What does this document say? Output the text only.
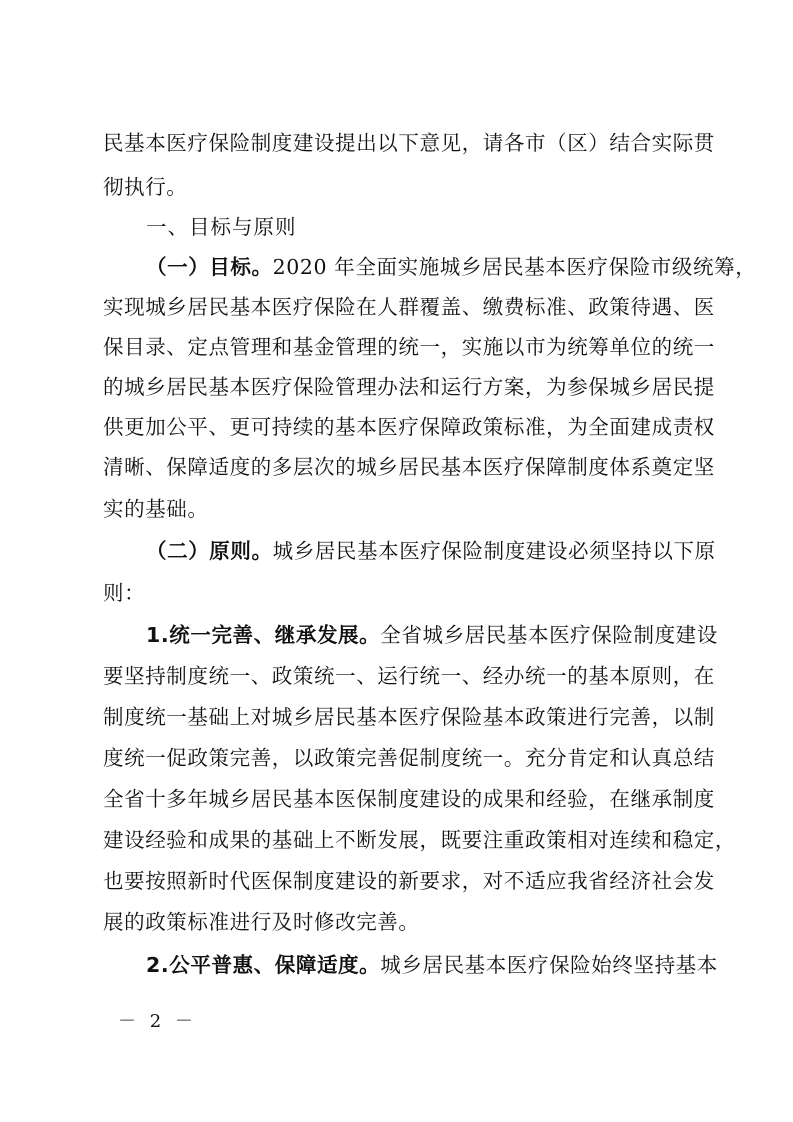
民基本医疗保险制度建设提出以下意见，请各市（区）结合实际贯
彻执行。
一、目标与原则
（一）目标。2020 年全面实施城乡居民基本医疗保险市级统筹，
实现城乡居民基本医疗保险在人群覆盖、缴费标准、政策待遇、医
保目录、定点管理和基金管理的统一，实施以市为统筹单位的统一
的城乡居民基本医疗保险管理办法和运行方案，为参保城乡居民提
供更加公平、更可持续的基本医疗保障政策标准，为全面建成责权
清晰、保障适度的多层次的城乡居民基本医疗保障制度体系奠定坚
实的基础。
（二）原则。城乡居民基本医疗保险制度建设必须坚持以下原
则：
1.统一完善、继承发展。全省城乡居民基本医疗保险制度建设
要坚持制度统一、政策统一、运行统一、经办统一的基本原则，在
制度统一基础上对城乡居民基本医疗保险基本政策进行完善，以制
度统一促政策完善，以政策完善促制度统一。充分肯定和认真总结
全省十多年城乡居民基本医保制度建设的成果和经验，在继承制度
建设经验和成果的基础上不断发展，既要注重政策相对连续和稳定，
也要按照新时代医保制度建设的新要求，对不适应我省经济社会发
展的政策标准进行及时修改完善。
2.公平普惠、保障适度。城乡居民基本医疗保险始终坚持基本
－ 2 －
